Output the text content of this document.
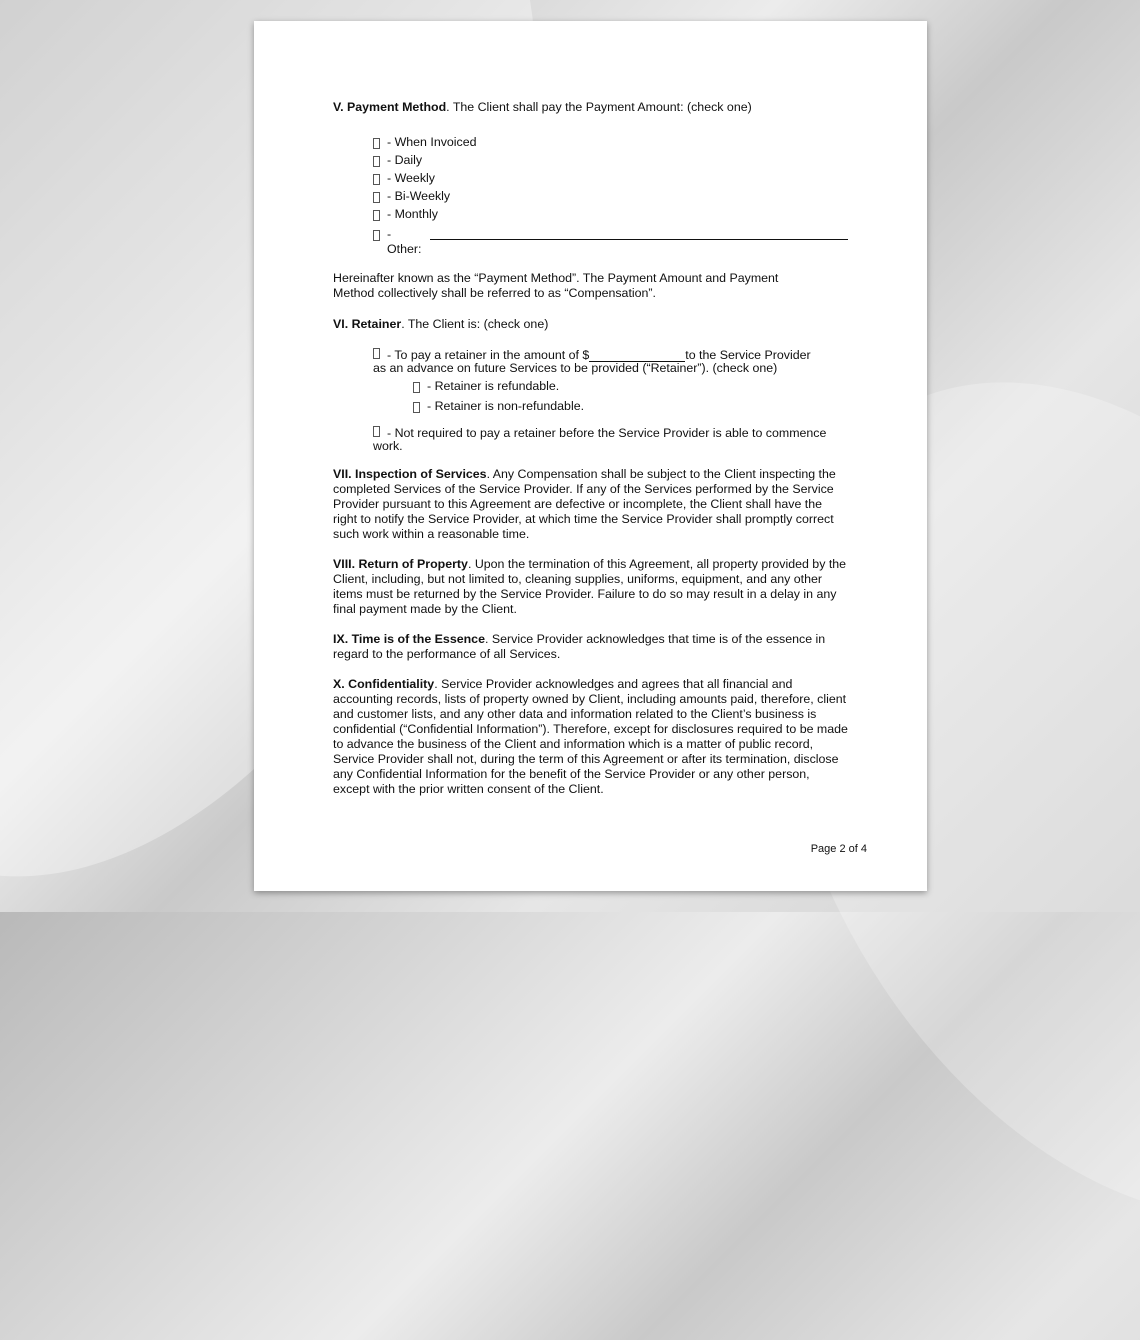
V. Payment Method. The Client shall pay the Payment Amount: (check one)

- When Invoiced
- Daily
- Weekly
- Bi-Weekly
- Monthly
- Other:

Hereinafter known as the “Payment Method”. The Payment Amount and Payment Method collectively shall be referred to as “Compensation”.

VI. Retainer. The Client is: (check one)

- To pay a retainer in the amount of $	to the Service Provider
as an advance on future Services to be provided (“Retainer”). (check one)
- Retainer is refundable.
- Retainer is non-refundable.
- Not required to pay a retainer before the Service Provider is able to commence work.

VII. Inspection of Services. Any Compensation shall be subject to the Client inspecting the completed Services of the Service Provider. If any of the Services performed by the Service Provider pursuant to this Agreement are defective or incomplete, the Client shall have the right to notify the Service Provider, at which time the Service Provider shall promptly correct such work within a reasonable time.

VIII. Return of Property. Upon the termination of this Agreement, all property provided by the Client, including, but not limited to, cleaning supplies, uniforms, equipment, and any other items must be returned by the Service Provider. Failure to do so may result in a delay in any final payment made by the Client.

IX. Time is of the Essence. Service Provider acknowledges that time is of the essence in regard to the performance of all Services.

X. Confidentiality. Service Provider acknowledges and agrees that all financial and accounting records, lists of property owned by Client, including amounts paid, therefore, client and customer lists, and any other data and information related to the Client’s business is confidential (“Confidential Information”). Therefore, except for disclosures required to be made to advance the business of the Client and information which is a matter of public record, Service Provider shall not, during the term of this Agreement or after its termination, disclose any Confidential Information for the benefit of the Service Provider or any other person, except with the prior written consent of the Client.

Page 2 of 4
